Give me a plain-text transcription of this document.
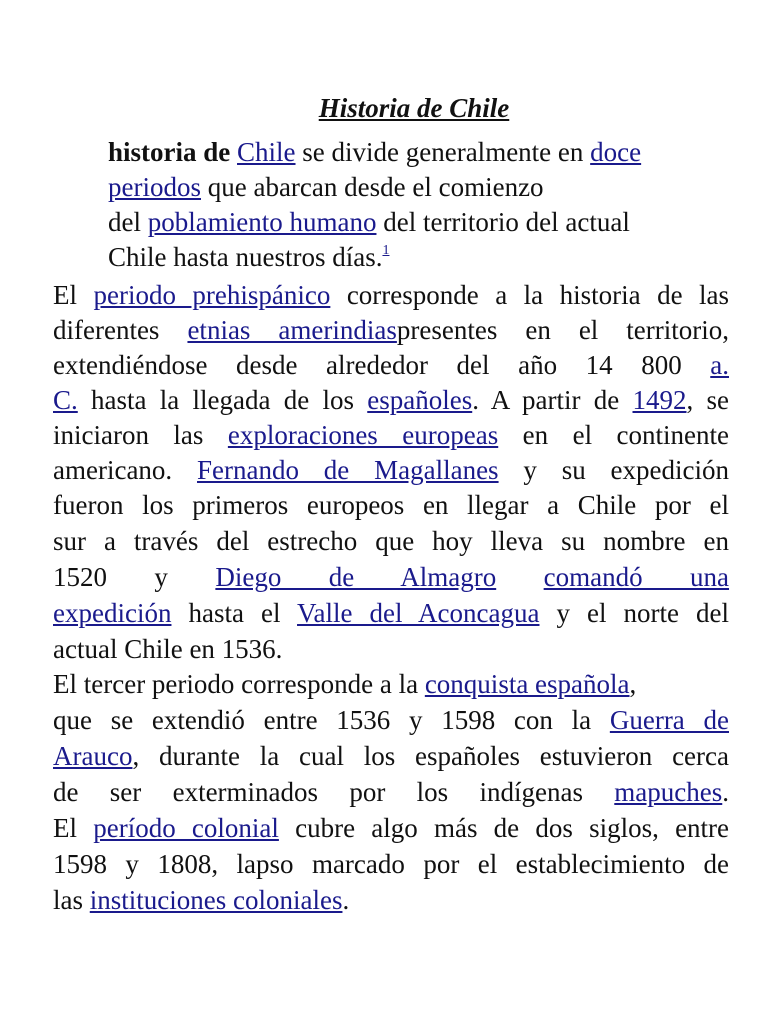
Historia de Chile
historia de Chile se divide generalmente en doce
periodos que abarcan desde el comienzo
del poblamiento humano del territorio del actual
Chile hasta nuestros días.$^1$
El periodo prehispánico corresponde a la historia de las
diferentes etnias amerindiaspresentes en el territorio,
extendiéndose desde alrededor del año 14 800 a.
C. hasta la llegada de los españoles. A partir de 1492, se
iniciaron las exploraciones europeas en el continente
americano. Fernando de Magallanes y su expedición
fueron los primeros europeos en llegar a Chile por el
sur a través del estrecho que hoy lleva su nombre en
1520 y Diego de Almagro comandó una
expedición hasta el Valle del Aconcagua y el norte del
actual Chile en 1536.
El tercer periodo corresponde a la conquista española,
que se extendió entre 1536 y 1598 con la Guerra de
Arauco, durante la cual los españoles estuvieron cerca
de ser exterminados por los indígenas mapuches.
El período colonial cubre algo más de dos siglos, entre
1598 y 1808, lapso marcado por el establecimiento de
las instituciones coloniales.
